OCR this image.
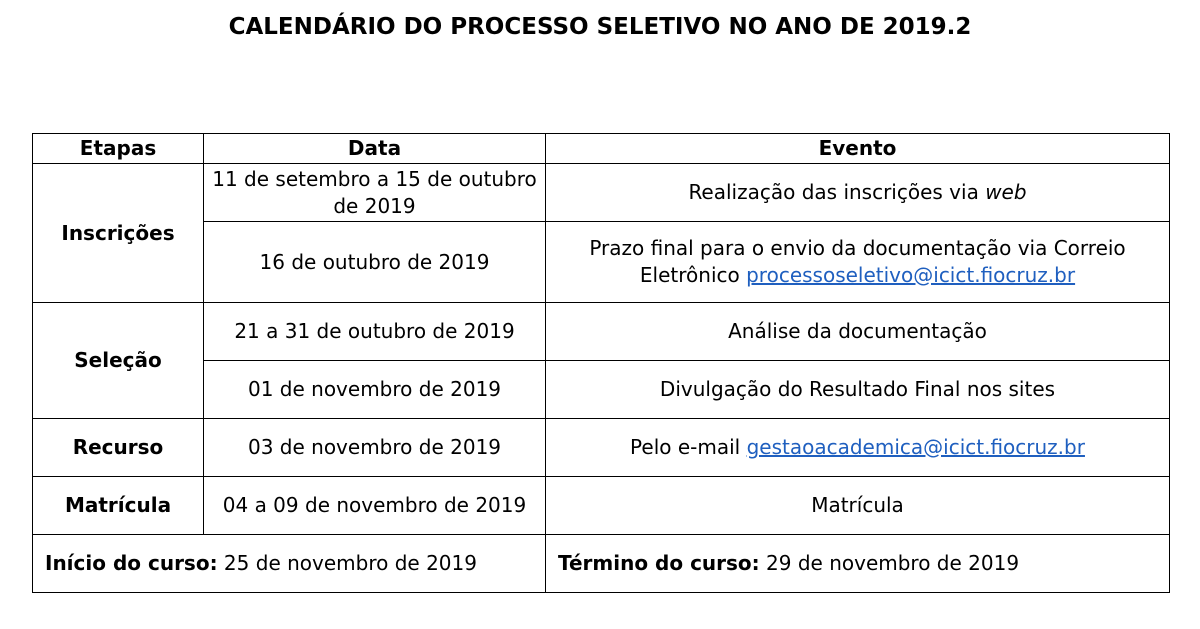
CALENDÁRIO DO PROCESSO SELETIVO NO ANO DE 2019.2
Etapas	Data	Evento
Inscrições	11 de setembro a 15 de outubro de 2019	Realização das inscrições via web
	16 de outubro de 2019	Prazo final para o envio da documentação via Correio Eletrônico processoseletivo@icict.fiocruz.br
Seleção	21 a 31 de outubro de 2019	Análise da documentação
	01 de novembro de 2019	Divulgação do Resultado Final nos sites
Recurso	03 de novembro de 2019	Pelo e-mail gestaoacademica@icict.fiocruz.br
Matrícula	04 a 09 de novembro de 2019	Matrícula
Início do curso: 25 de novembro de 2019		Término do curso: 29 de novembro de 2019
